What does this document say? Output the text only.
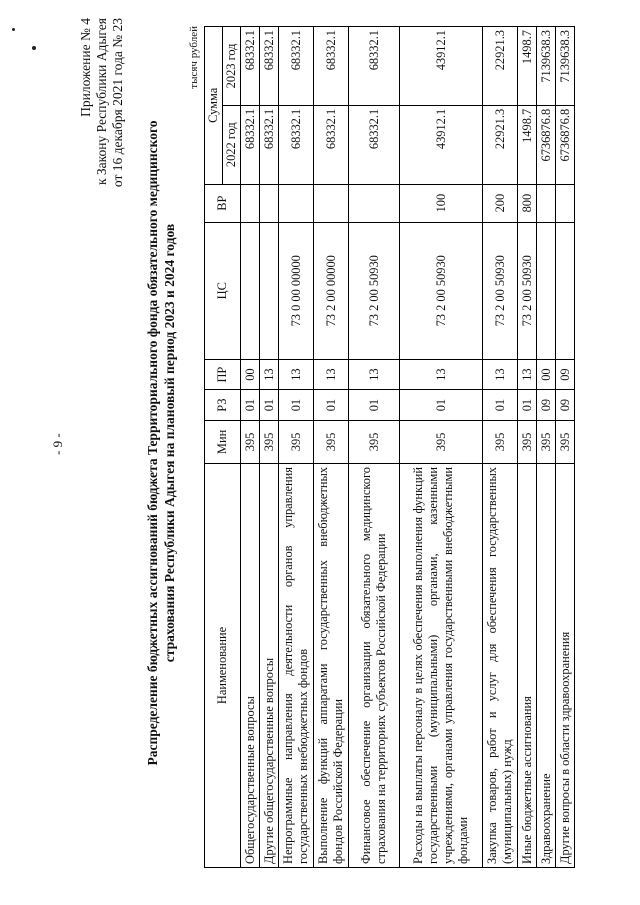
- 9 -
Приложение № 4 к Закону Республики Адыгея от 16 декабря 2021 года № 23
Распределение бюджетных ассигнований бюджета Территориального фонда обязательного медицинского страхования Республики Адыгея на плановый период 2023 и 2024 годов
тысяч рублей
Наименование	Мин	РЗ	ПР	ЦС	ВР	Сумма	
						2022 год	2023 год
Общегосударственные вопросы	395	01	00			68332.1	68332.1
Другие общегосударственные вопросы	395	01	13			68332.1	68332.1
Непрограммные направления деятельности органов управления государственных внебюджетных фондов	395	01	13	73 0 00 00000		68332.1	68332.1
Выполнение функций аппаратами государственных внебюджетных фондов Российской Федерации	395	01	13	73 2 00 00000		68332.1	68332.1
Финансовое обеспечение организации обязательного медицинского страхования на территориях субъектов Российской Федерации	395	01	13	73 2 00 50930		68332.1	68332.1
Расходы на выплаты персоналу в целях обеспечения выполнения функций государственными (муниципальными) органами, казенными учреждениями, органами управления государственными внебюджетными фондами	395	01	13	73 2 00 50930	100	43912.1	43912.1
Закупка товаров, работ и услуг для обеспечения государственных (муниципальных) нужд	395	01	13	73 2 00 50930	200	22921.3	22921.3
Иные бюджетные ассигнования	395	01	13	73 2 00 50930	800	1498.7	1498.7
Здравоохранение	395	09	00			6736876.8	7139638.3
Другие вопросы в области здравоохранения	395	09	09			6736876.8	7139638.3
